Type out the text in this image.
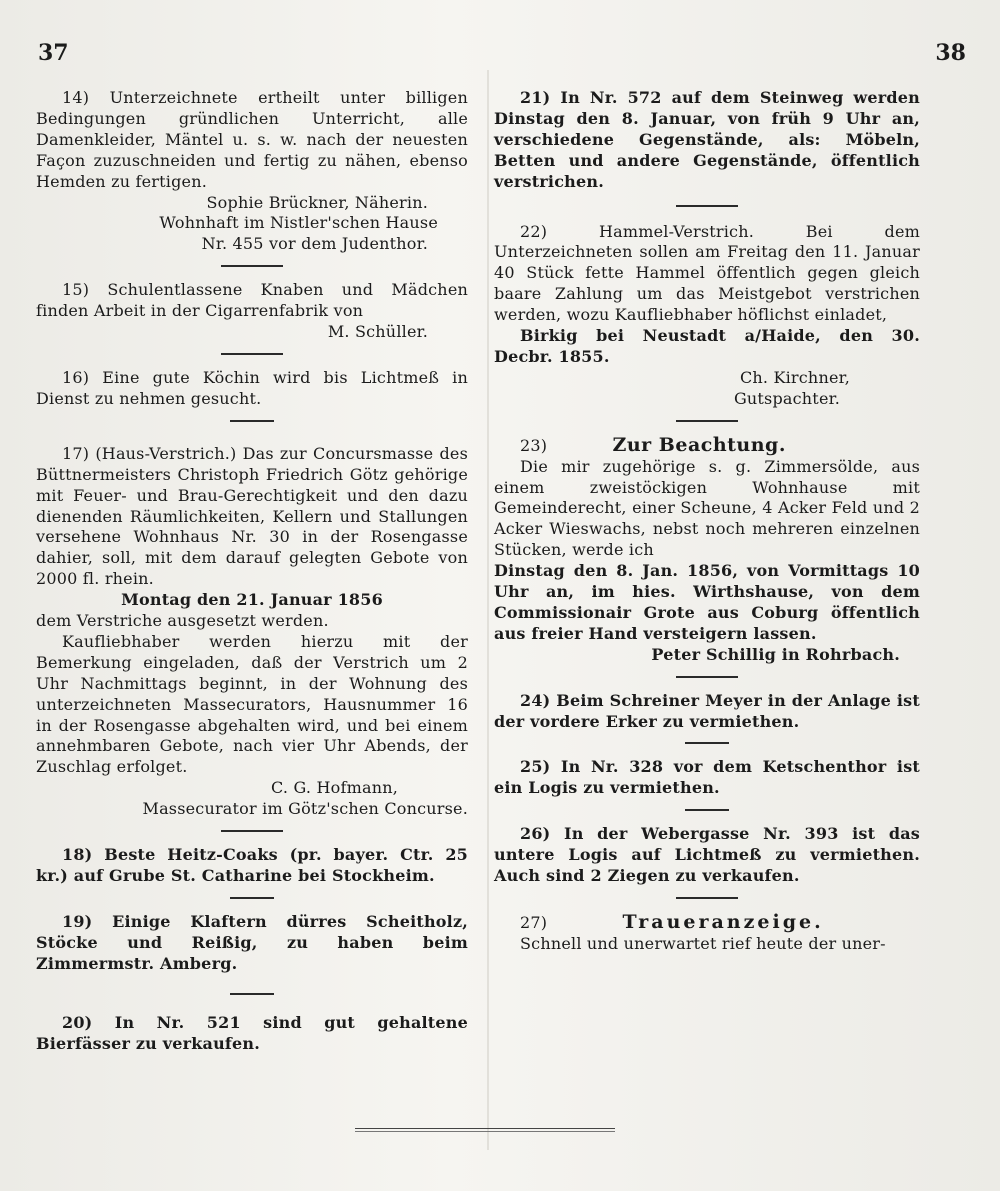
37	38

14) Unterzeichnete ertheilt unter billigen Bedingungen gründlichen Unterricht, alle Damenkleider, Mäntel u. s. w. nach der neuesten Façon zuzuschneiden und fertig zu nähen, ebenso Hemden zu fertigen.

Sophie Brückner, Näherin.

Wohnhaft im Nistler'schen Hause

Nr. 455 vor dem Judenthor.

15) Schulentlassene Knaben und Mädchen finden Arbeit in der Cigarrenfabrik von

M. Schüller.

16) Eine gute Köchin wird bis Lichtmeß in Dienst zu nehmen gesucht.

17) (Haus-Verstrich.) Das zur Concursmasse des Büttnermeisters Christoph Friedrich Götz gehörige mit Feuer- und Brau-Gerechtigkeit und den dazu dienenden Räumlichkeiten, Kellern und Stallungen versehene Wohnhaus Nr. 30 in der Rosengasse dahier, soll, mit dem darauf gelegten Gebote von 2000 fl. rhein.

Montag den 21. Januar 1856

dem Verstriche ausgesetzt werden.

Kaufliebhaber werden hierzu mit der Bemerkung eingeladen, daß der Verstrich um 2 Uhr Nachmittags beginnt, in der Wohnung des unterzeichneten Massecurators, Hausnummer 16 in der Rosengasse abgehalten wird, und bei einem annehmbaren Gebote, nach vier Uhr Abends, der Zuschlag erfolget.

C. G. Hofmann,

Massecurator im Götz'schen Concurse.

18) Beste Heitz-Coaks (pr. bayer. Ctr. 25 kr.) auf Grube St. Catharine bei Stockheim.

19) Einige Klaftern dürres Scheitholz, Stöcke und Reißig, zu haben beim Zimmermstr. Amberg.

20) In Nr. 521 sind gut gehaltene Bierfässer zu verkaufen.

21) In Nr. 572 auf dem Steinweg werden Dinstag den 8. Januar, von früh 9 Uhr an, verschiedene Gegenstände, als: Möbeln, Betten und andere Gegenstände, öffentlich verstrichen.

22) Hammel-Verstrich. Bei dem Unterzeichneten sollen am Freitag den 11. Januar 40 Stück fette Hammel öffentlich gegen gleich baare Zahlung um das Meistgebot verstrichen werden, wozu Kaufliebhaber höflichst einladet,

Birkig bei Neustadt a/Haide, den 30. Decbr. 1855.

Ch. Kirchner,

Gutspachter.

23)	Zur Beachtung.

Die mir zugehörige s. g. Zimmersölde, aus einem zweistöckigen Wohnhause mit Gemeinderecht, einer Scheune, 4 Acker Feld und 2 Acker Wieswachs, nebst noch mehreren einzelnen Stücken, werde ich

Dinstag den 8. Jan. 1856, von Vormittags 10 Uhr an, im hies. Wirthshause, von dem Commissionair Grote aus Coburg öffentlich aus freier Hand versteigern lassen.

Peter Schillig in Rohrbach.

24) Beim Schreiner Meyer in der Anlage ist der vordere Erker zu vermiethen.

25) In Nr. 328 vor dem Ketschenthor ist ein Logis zu vermiethen.

26) In der Webergasse Nr. 393 ist das untere Logis auf Lichtmeß zu vermiethen. Auch sind 2 Ziegen zu verkaufen.

27)	Traueranzeige.

Schnell und unerwartet rief heute der uner-
